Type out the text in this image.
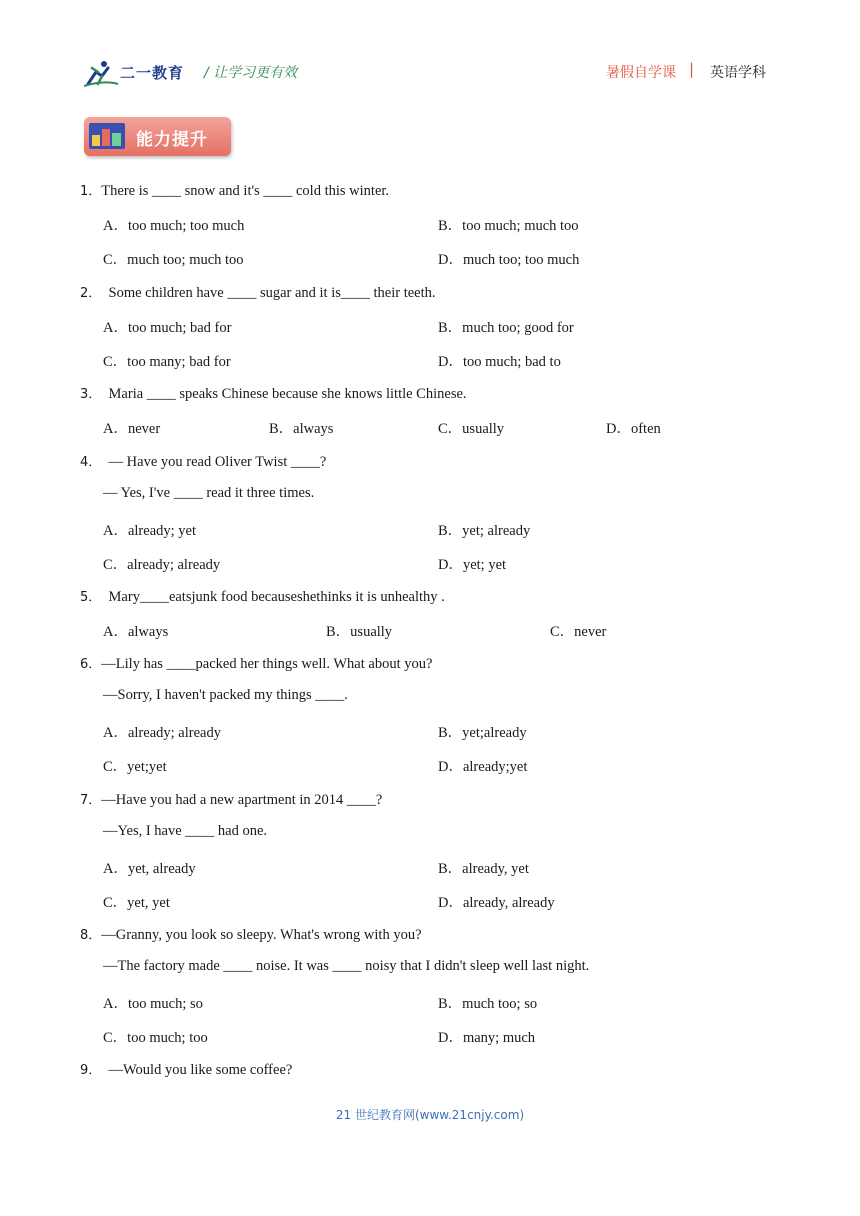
二一教育 / 让学习更有效	暑假自学课 | 英语学科
能力提升
1．There is ____ snow and it's ____ cold this winter.
A．too much; too much	B．too much; much too
C．much too; much too	D．much too; too much
2．  Some children have ____ sugar and it is____ their teeth.
A．too much; bad for	B．much too; good for
C．too many; bad for	D．too much; bad to
3．  Maria ____ speaks Chinese because she knows little Chinese.
A．never	B．always	C．usually	D．often
4．  — Have you read Oliver Twist ____?
— Yes, I've ____ read it three times.
A．already; yet	B．yet; already
C．already; already	D．yet; yet
5．  Mary____eatsjunk food becauseshethinks it is unhealthy .
A．always	B．usually	C．never
6．—Lily has ____packed her things well. What about you?
—Sorry, I haven't packed my things ____.
A．already; already	B．yet;already
C．yet;yet	D．already;yet
7．—Have you had a new apartment in 2014 ____?
—Yes, I have ____ had one.
A．yet, already	B．already, yet
C．yet, yet	D．already, already
8．—Granny, you look so sleepy. What's wrong with you?
—The factory made ____ noise. It was ____ noisy that I didn't sleep well last night.
A．too much; so	B．much too; so
C．too much; too	D．many; much
9．  —Would you like some coffee?
21 世纪教育网(www.21cnjy.com)
